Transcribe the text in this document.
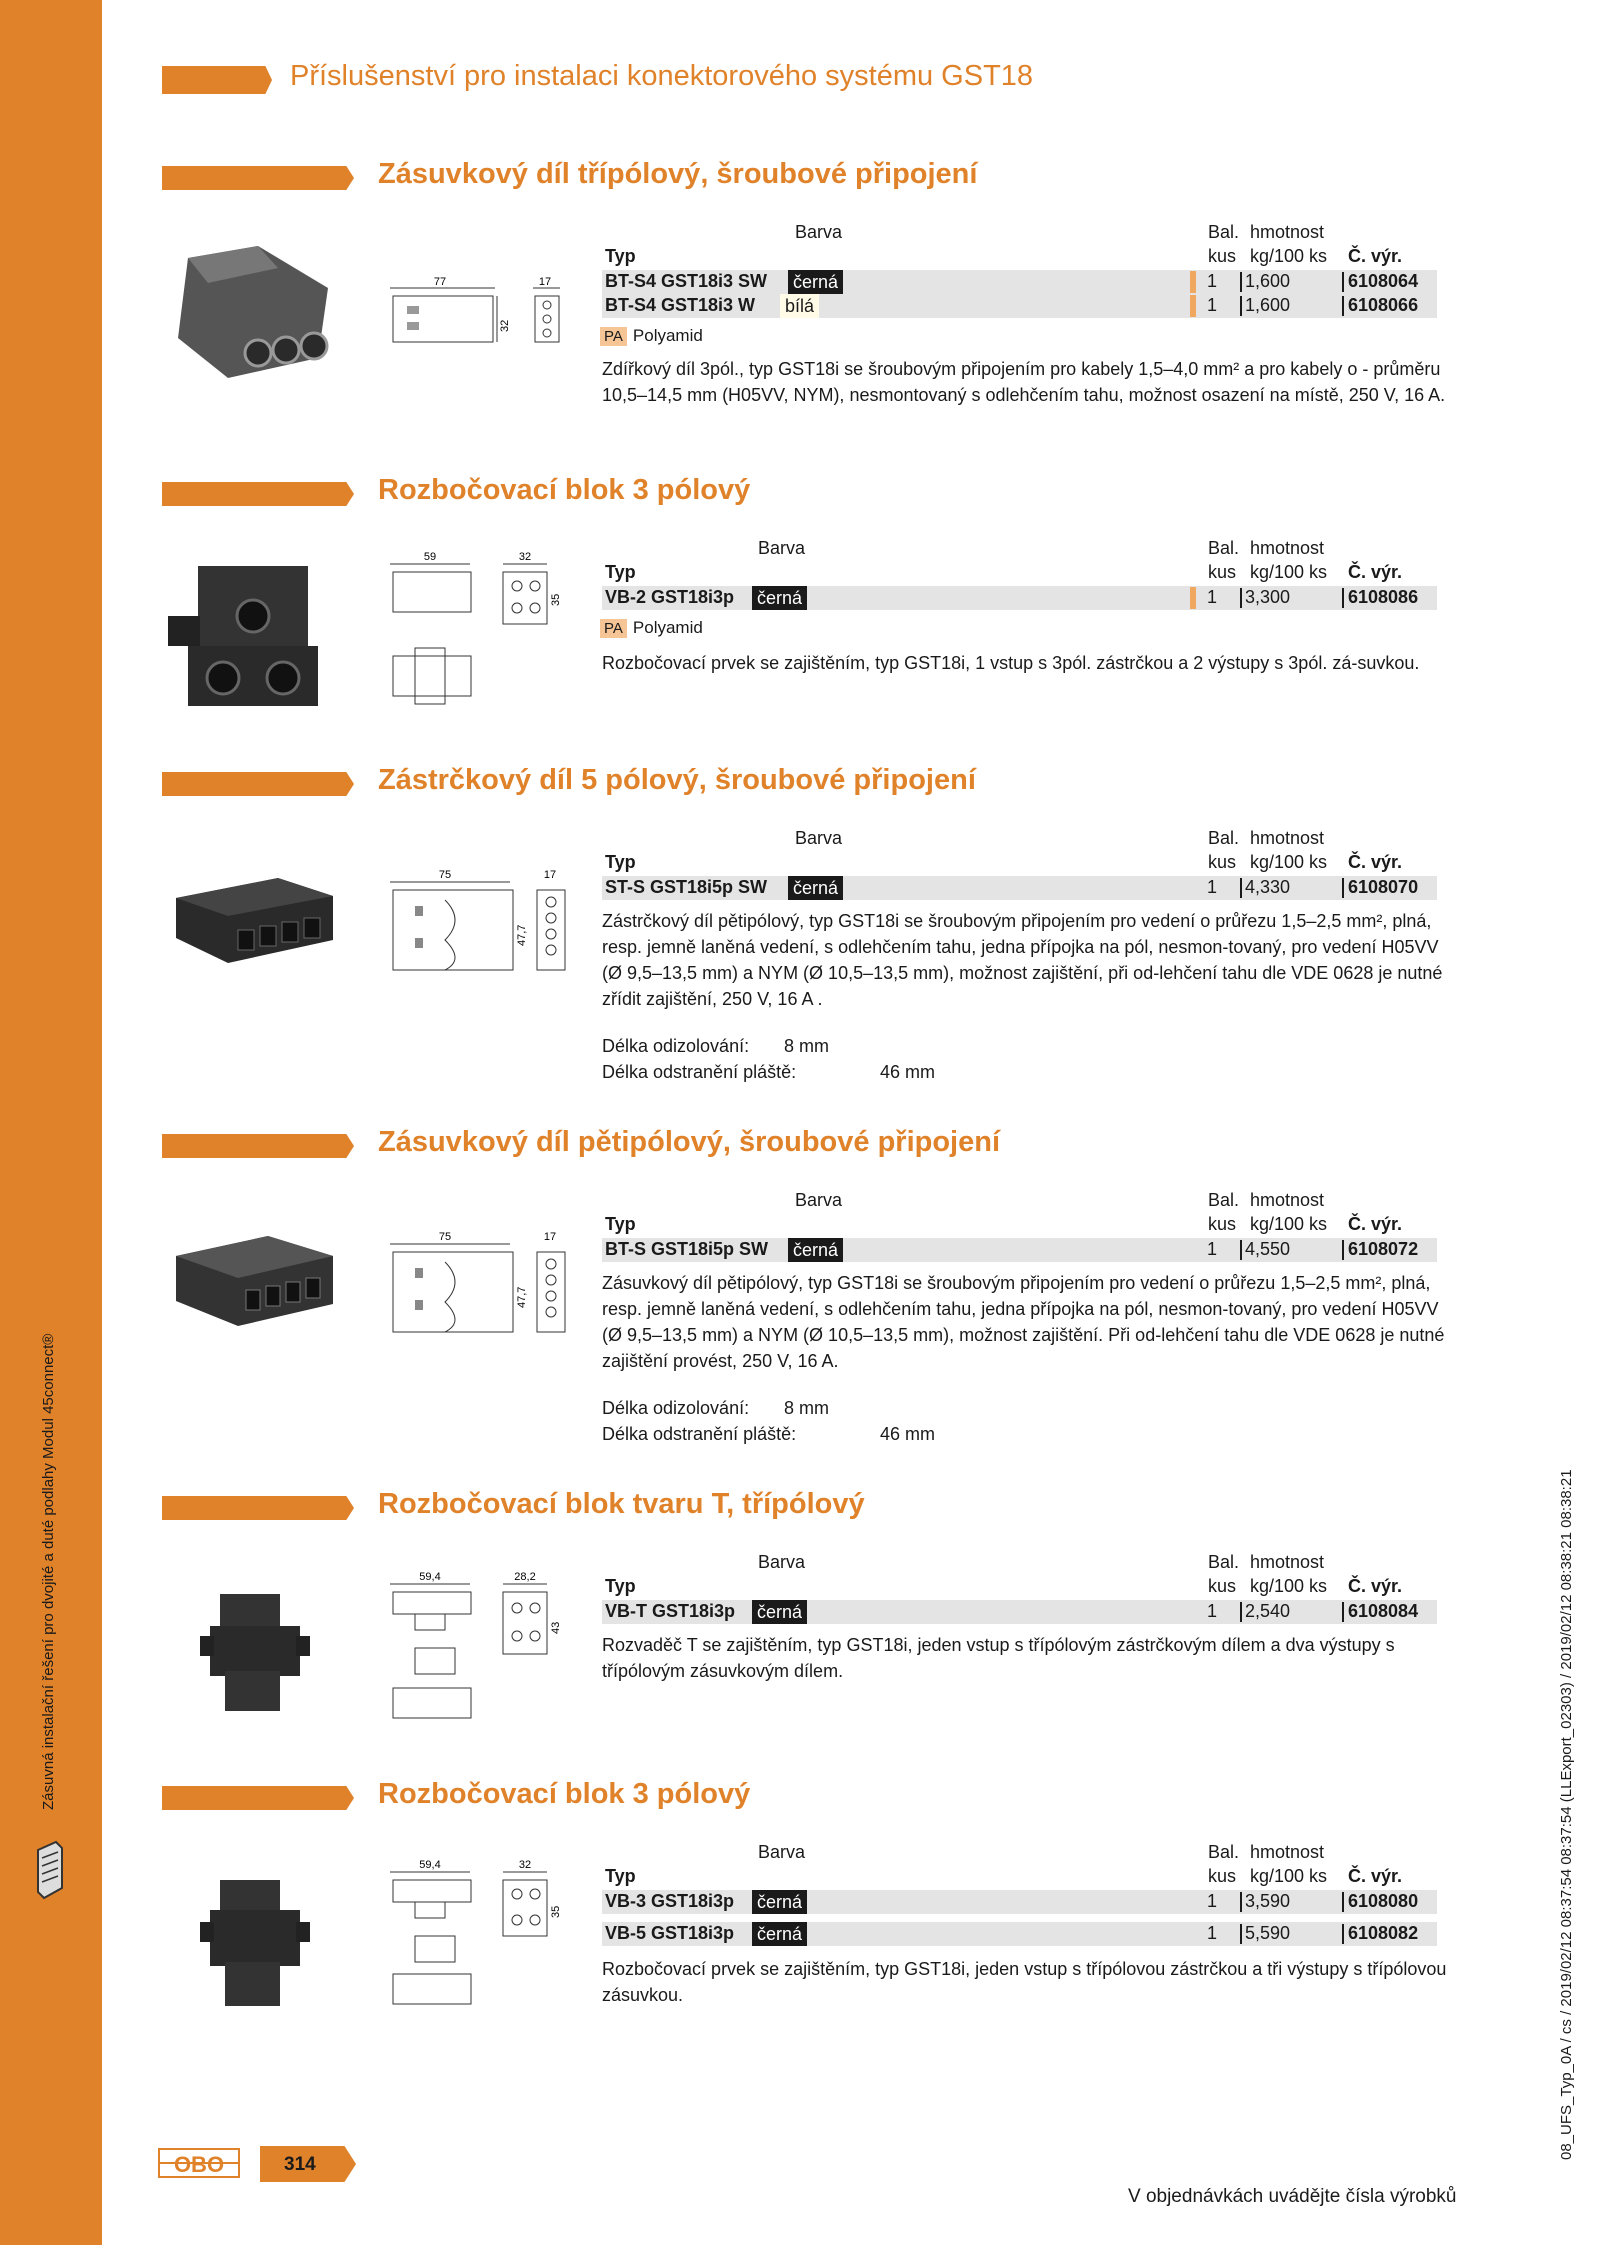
Zásuvná instalační řešení pro dvojité a duté podlahy Modul 45connect®
Příslušenství pro instalaci konektorového systému GST18
Zásuvkový díl třípólový, šroubové připojení
77
32
17
Barva	Bal. hmotnost
Typ	kus kg/100 ks Č. výr.
BT-S4 GST18i3 SW černá	1 1,600	6108064
BT-S4 GST18i3 W bílá	1 1,600	6108066
PA Polyamid
Zdířkový díl 3pól., typ GST18i se šroubovým připojením pro kabely 1,5–4,0 mm² a pro kabely o - průměru 10,5–14,5 mm (H05VV, NYM), nesmontovaný s odlehčením tahu, možnost osazení na místě, 250 V, 16 A.
Rozbočovací blok 3 pólový
59	32
35
Barva	Bal. hmotnost
Typ	kus kg/100 ks Č. výr.
VB-2 GST18i3p černá	1 3,300	6108086
PA Polyamid
Rozbočovací prvek se zajištěním, typ GST18i, 1 vstup s 3pól. zástrčkou a 2 výstupy s 3pól. zá-suvkou.
Zástrčkový díl 5 pólový, šroubové připojení
75
47,7
17
Barva	Bal. hmotnost
Typ	kus kg/100 ks Č. výr.
ST-S GST18i5p SW černá	1 4,330	6108070
Zástrčkový díl pětipólový, typ GST18i se šroubovým připojením pro vedení o průřezu 1,5–2,5 mm², plná, resp. jemně laněná vedení, s odlehčením tahu, jedna přípojka na pól, nesmon-tovaný, pro vedení H05VV (Ø 9,5–13,5 mm) a NYM (Ø 10,5–13,5 mm), možnost zajištění, při od-lehčení tahu dle VDE 0628 je nutné zřídit zajištění, 250 V, 16 A .
Délka odizolování: 8 mm
Délka odstranění pláště:	46 mm
Zásuvkový díl pětipólový, šroubové připojení
75
47,7
17
Barva	Bal. hmotnost
Typ	kus kg/100 ks Č. výr.
BT-S GST18i5p SW černá	1 4,550	6108072
Zásuvkový díl pětipólový, typ GST18i se šroubovým připojením pro vedení o průřezu 1,5–2,5 mm², plná, resp. jemně laněná vedení, s odlehčením tahu, jedna přípojka na pól, nesmon-tovaný, pro vedení H05VV (Ø 9,5–13,5 mm) a NYM (Ø 10,5–13,5 mm), možnost zajištění. Při od-lehčení tahu dle VDE 0628 je nutné zajištění provést, 250 V, 16 A.
Délka odizolování: 8 mm
Délka odstranění pláště:	46 mm
Rozbočovací blok tvaru T, třípólový
59,4	28,2
43
Barva	Bal. hmotnost
Typ	kus kg/100 ks Č. výr.
VB-T GST18i3p černá	1 2,540	6108084
Rozvaděč T se zajištěním, typ GST18i, jeden vstup s třípólovým zástrčkovým dílem a dva výstupy s třípólovým zásuvkovým dílem.
Rozbočovací blok 3 pólový
59,4	32
35
Barva	Bal. hmotnost
Typ	kus kg/100 ks Č. výr.
VB-3 GST18i3p černá	1 3,590	6108080
VB-5 GST18i3p černá	1 5,590	6108082
Rozbočovací prvek se zajištěním, typ GST18i, jeden vstup s třípólovou zástrčkou a tři výstupy s třípólovou zásuvkou.
OBO	314
V objednávkách uvádějte čísla výrobků
08_UFS_Typ_0A / cs / 2019/02/12 08:37:54 08:37:54 (LLExport_02303) / 2019/02/12 08:38:21 08:38:21
